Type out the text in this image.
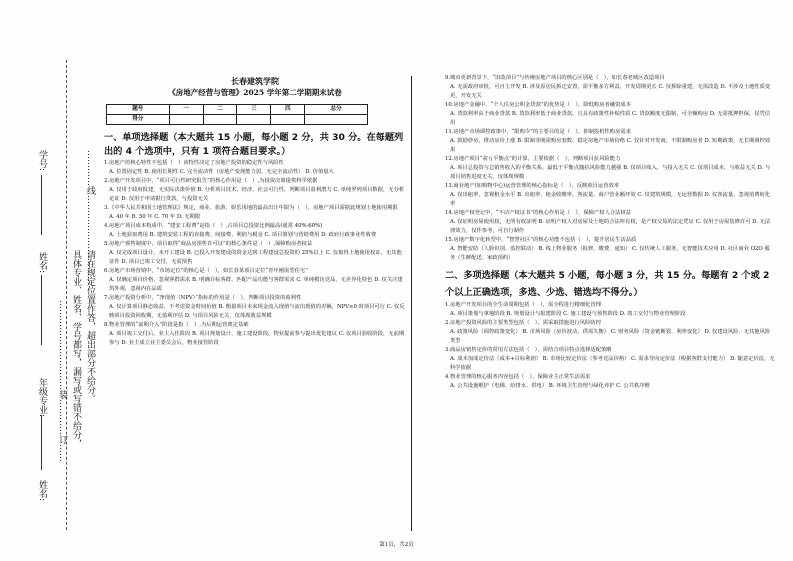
学号:
姓名:
年级专业:
姓名:
…………………………装…………订…… 具体专业、姓名、学号都写，漏写或写错不给分，
…………线…………………………
请在规定位置作答，超出部分不给分。
长春建筑学院
《房地产经营与管理》2025 学年第二学期期末试卷
题号	一	二	三	四	总分
得分					
一、单项选择题（本大题共 15 小题，每小题 2 分，共 30 分。在每题列出的 4 个选项中，只有 1 项符合题目要求。）
1.房地产的核心特性不包括（　）该特性决定了房地产投资的稳定性与风险性
A. 位置固定性 B. 使用长期性 C. 完全流动性（房地产变现能力弱，无完全流动性） D. 价值量大
2.房地产开发项目中，“项目可行性研究报告”的核心作用是（　）,为投资决策提供科学依据
A. 仅用于政府报建，无实际决策价值 B. 分析项目技术、经济、社会可行性，判断项目盈利潜力 C. 单纯罗列项目数据，无分析论证 D. 仅用于申请银行贷款，与投资无关
3.《中华人民共和国土地管理法》规定，商业、旅游、娱乐用地的最高出让年限为（　），房地产项目需据此规划土地使用期限
A. 40 年 B. 50 年 C. 70 年 D. 无期限
4.房地产项目成本构成中，“建安工程费”是指（　）,占项目总投资比例最高(通常 40%-60%)
A. 土地获取费用 B. 建筑安装工程的直接费、间接费、利润与税金 C. 项目策划与营销费用 D. 政府行政事业性收费
5.房地产预售制度中，项目取得“商品房预售许可证”的核心条件是（　）,保障购房者权益
A. 仅完成项目设计，未开工建设 B. 已投入开发建设的资金达到工程建设总投资的 25%以上 C. 仅取得土地使用权证，无其他证件 D. 项目已竣工交付，无需预售
6.房地产市场营销中，“市场定位”的核心是（　），如长春某项目定位“青年刚需型住宅”
A. 仅确定项目价格，忽视客群需求 B. 明确目标客群，匹配产品功能与客群需求 C. 单纯模仿竞品，无差异化特色 D. 仅关注建筑外观，忽视内在品质
7.房地产投资分析中，“净现值（NPV）”指标的作用是（　），判断项目投资的盈利性
A. 仅计算项目静态收益，不考虑资金时间价值 B. 衡量项目未来现金流入现值与流出现值的差额，NPV≥0 时项目可行 C. 仅反映项目投资回收期，无盈利评估 D. 与项目风险无关，仅体现收益规模
8.物业管理的“前期介入”阶段是指（　）,为后期运营奠定基础
A. 项目竣工交付后，业主入住阶段 B. 项目规划设计、施工建设阶段，物业提前参与提出优化建议 C. 仅项目验收阶段，无前期参与 D. 业主成立业主委员会后，物业接管阶段
9.城市更新背景下，“旧改项目”与传统房地产项目的核心区别是（　），如长春老城区改造项目
A. 无需政府审批，可自主开发 B. 涉及原居民拆迁安置，需平衡多方利益，开发周期更长 C. 仅拆除重建，无需改造 D. 不涉及土地性质变更，开发无关
10.房地产金融中，“个人住房公积金贷款”的优势是（　），降低购房者融资成本
A. 贷款利率高于商业贷款 B. 贷款利率低于商业贷款，且具有政策性补贴性质 C. 贷款额度无限制，可全额购房 D. 无需抵押担保，仅凭信用
11.房地产市场调控政策中，“限购令”的主要目的是（　），抑制投机性购房需求
A. 鼓励炒房，推动房价上涨 B. 限制非刚需购房套数，稳定房地产市场价格 C. 仅针对开发商，不限制购房者 D. 短期政策，无长期调控效果
12.房地产项目“盈亏平衡点”的计算，主要依据（　），判断项目抗风险能力
A. 项目总投资与总销售收入的平衡关系，最低于平衡点随抗风险能力越强 B. 仅项目收入，与投入无关 C. 仅项目成本，与收益无关 D. 与项目销售进度无关，仅体现规模
13.商业地产(如购物中心)运营管理的核心指标是（　），反映项目运营效率
A. 仅出租率，忽视租金水平 B. 出租率、租金收缴率、客流量、商户营业额坪效 C. 仅建筑规模，无运营数据 D. 仅客流量，忽视消费转化率
14.房地产权登记中，“不动产权证书”的核心作用是（　），保障产权人合法权益
A. 仅证明房屋使用权，无所有权证明 B. 证明产权人对房屋及土地的合法所有权，是产权交易的法定凭证 C. 仅用于房屋装修许可 D. 无法律效力，仅作参考，可自行制作
15.房地产数字化转型中，“智慧社区”的核心功能不包括（　），提升居民生活品质
A. 智能安防（人脸识别、监控联动） B. 线上物业服务（报修、缴费、通知） C. 仅传统人工服务，无智能技术应用 D. 社区商业 O2O 服务（生鲜配送、家政预约）
二、多项选择题（本大题共 5 小题，每小题 3 分，共 15 分。每题有 2 个或 2 个以上正确选项，多选、少选、错选均不得分。）
1.房地产开发项目的全生命周期包括（　），需全程进行精细化管理
A. 项目策划与拿地阶段 B. 规划设计与报建阶段 C. 施工建设与预售阶段 D. 竣工交付与物业管理阶段
2.房地产投资风险的主要类型包括（　），需采取措施进行风险防控
A. 政策风险（调控政策变化） B. 市场风险（房价波动、供需失衡） C. 财务风险（资金链断裂、利率变化） D. 仅建设风险，无其他风险类型
3.商品房销售定价的常用方法包括（　），需结合项目特点选择适配策略
A. 成本加成定价法（成本+目标利润） B. 市场比较定价法（参考竞品价格） C. 需求导向定价法（根据客群支付能力） D. 随意定价法，无科学依据
4.物业管理的核心服务内容包括（　），保障业主正常生活需求
A. 公共设施维护（电梯、给排水、供电） B. 环境卫生管理与绿化养护 C. 公共秩序维
第1页，共2页
